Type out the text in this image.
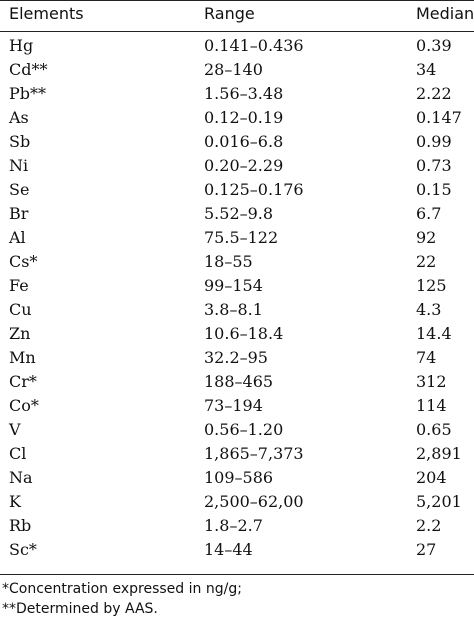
Elements	Range	Median
Hg	0.141–0.436	0.39
Cd**	28–140	34
Pb**	1.56–3.48	2.22
As	0.12–0.19	0.147
Sb	0.016–6.8	0.99
Ni	0.20–2.29	0.73
Se	0.125–0.176	0.15
Br	5.52–9.8	6.7
Al	75.5–122	92
Cs*	18–55	22
Fe	99–154	125
Cu	3.8–8.1	4.3
Zn	10.6–18.4	14.4
Mn	32.2–95	74
Cr*	188–465	312
Co*	73–194	114
V	0.56–1.20	0.65
Cl	1,865–7,373	2,891
Na	109–586	204
K	2,500–62,00	5,201
Rb	1.8–2.7	2.2
Sc*	14–44	27
*Concentration expressed in ng/g;
**Determined by AAS.
